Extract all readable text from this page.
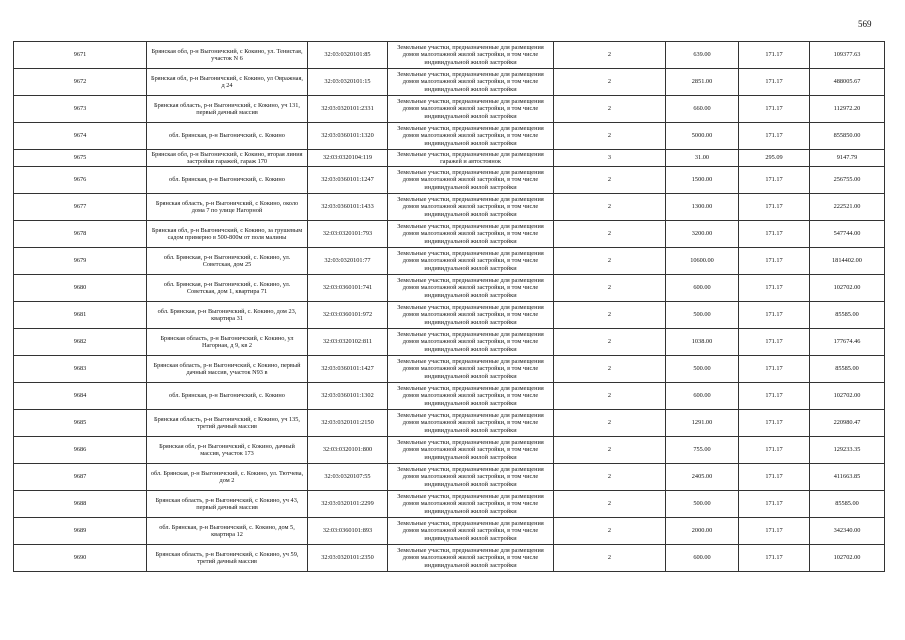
569
9671	Брянская обл, р-н Выгоничский, с Кокино, ул. Тенистая, участок N 6	32:03:0320101:85	Земельные участки, предназначенные для размещения домов малоэтажной жилой застройки, в том числе индивидуальной жилой застройки	2	639.00	171.17	109377.63
9672	Брянская обл, р-н Выгоничский, с Кокино, ул Овражная, д 24	32:03:0320101:15	Земельные участки, предназначенные для размещения домов малоэтажной жилой застройки, в том числе индивидуальной жилой застройки	2	2851.00	171.17	488005.67
9673	Брянская область, р-н Выгоничский, с Кокино, уч 131, первый дачный массив	32:03:0320101:2331	Земельные участки, предназначенные для размещения домов малоэтажной жилой застройки, в том числе индивидуальной жилой застройки	2	660.00	171.17	112972.20
9674	обл. Брянская, р-н Выгоничский, с. Кокино	32:03:0360101:1320	Земельные участки, предназначенные для размещения домов малоэтажной жилой застройки, в том числе индивидуальной жилой застройки	2	5000.00	171.17	855850.00
9675	Брянская обл, р-н Выгоничский, с Кокино, вторая линия застройки гаражей, гараж 170	32:03:0320104:119	Земельные участки, предназначенные для размещения гаражей и автостоянок	3	31.00	295.09	9147.79
9676	обл. Брянская, р-н Выгоничский, с. Кокино	32:03:0360101:1247	Земельные участки, предназначенные для размещения домов малоэтажной жилой застройки, в том числе индивидуальной жилой застройки	2	1500.00	171.17	256755.00
9677	Брянская область, р-н Выгоничский, с Кокино, около дома 7 по улице Нагорной	32:03:0360101:1433	Земельные участки, предназначенные для размещения домов малоэтажной жилой застройки, в том числе индивидуальной жилой застройки	2	1300.00	171.17	222521.00
9678	Брянская обл, р-н Выгоничский, с Кокино, за грушевым садом примерно в 500-800м от поля малины	32:03:0320101:793	Земельные участки, предназначенные для размещения домов малоэтажной жилой застройки, в том числе индивидуальной жилой застройки	2	3200.00	171.17	547744.00
9679	обл. Брянская, р-н Выгоничский, с. Кокино, ул. Советская, дом 25	32:03:0320101:77	Земельные участки, предназначенные для размещения домов малоэтажной жилой застройки, в том числе индивидуальной жилой застройки	2	10600.00	171.17	1814402.00
9680	обл. Брянская, р-н Выгоничский, с. Кокино, ул. Советская, дом 1, квартира 71	32:03:0360101:741	Земельные участки, предназначенные для размещения домов малоэтажной жилой застройки, в том числе индивидуальной жилой застройки	2	600.00	171.17	102702.00
9681	обл. Брянская, р-н Выгоничский, с. Кокино, дом 23, квартира 31	32:03:0360101:972	Земельные участки, предназначенные для размещения домов малоэтажной жилой застройки, в том числе индивидуальной жилой застройки	2	500.00	171.17	85585.00
9682	Брянская область, р-н Выгоничский, с Кокино, ул Нагорная, д 9, кв 2	32:03:0320102:811	Земельные участки, предназначенные для размещения домов малоэтажной жилой застройки, в том числе индивидуальной жилой застройки	2	1038.00	171.17	177674.46
9683	Брянская область, р-н Выгоничский, с Кокино, первый дачный массив, участок N93 в	32:03:0360101:1427	Земельные участки, предназначенные для размещения домов малоэтажной жилой застройки, в том числе индивидуальной жилой застройки	2	500.00	171.17	85585.00
9684	обл. Брянская, р-н Выгоничский, с. Кокино	32:03:0360101:1302	Земельные участки, предназначенные для размещения домов малоэтажной жилой застройки, в том числе индивидуальной жилой застройки	2	600.00	171.17	102702.00
9685	Брянская область, р-н Выгоничский, с Кокино, уч 135, третий дачный массив	32:03:0320101:2150	Земельные участки, предназначенные для размещения домов малоэтажной жилой застройки, в том числе индивидуальной жилой застройки	2	1291.00	171.17	220980.47
9686	Брянская обл, р-н Выгоничский, с Кокино, дачный массив, участок 173	32:03:0320101:800	Земельные участки, предназначенные для размещения домов малоэтажной жилой застройки, в том числе индивидуальной жилой застройки	2	755.00	171.17	129233.35
9687	обл. Брянская, р-н Выгоничский, с. Кокино, ул. Тютчева, дом 2	32:03:0320107:55	Земельные участки, предназначенные для размещения домов малоэтажной жилой застройки, в том числе индивидуальной жилой застройки	2	2405.00	171.17	411663.85
9688	Брянская область, р-н Выгоничский, с Кокино, уч 43, первый дачный массив	32:03:0320101:2299	Земельные участки, предназначенные для размещения домов малоэтажной жилой застройки, в том числе индивидуальной жилой застройки	2	500.00	171.17	85585.00
9689	обл. Брянская, р-н Выгоничский, с. Кокино, дом 5, квартира 12	32:03:0360101:893	Земельные участки, предназначенные для размещения домов малоэтажной жилой застройки, в том числе индивидуальной жилой застройки	2	2000.00	171.17	342340.00
9690	Брянская область, р-н Выгоничский, с Кокино, уч 59, третий дачный массив	32:03:0320101:2350	Земельные участки, предназначенные для размещения домов малоэтажной жилой застройки, в том числе индивидуальной жилой застройки	2	600.00	171.17	102702.00
